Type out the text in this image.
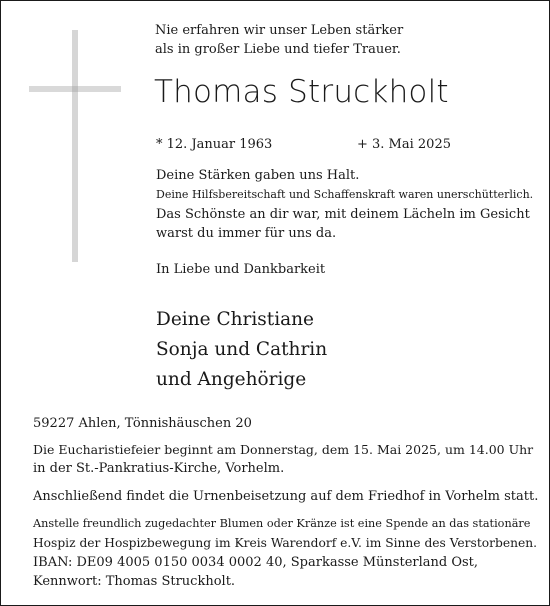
Nie erfahren wir unser Leben stärker
als in großer Liebe und tiefer Trauer.
Thomas Struckholt
* 12. Januar 1963	+ 3. Mai 2025
Deine Stärken gaben uns Halt.
Deine Hilfsbereitschaft und Schaffenskraft waren unerschütterlich.
Das Schönste an dir war, mit deinem Lächeln im Gesicht
warst du immer für uns da.
In Liebe und Dankbarkeit
Deine Christiane
Sonja und Cathrin
und Angehörige
59227 Ahlen, Tönnishäuschen 20
Die Eucharistiefeier beginnt am Donnerstag, dem 15. Mai 2025, um 14.00 Uhr
in der St.-Pankratius-Kirche, Vorhelm.
Anschließend findet die Urnenbeisetzung auf dem Friedhof in Vorhelm statt.
Anstelle freundlich zugedachter Blumen oder Kränze ist eine Spende an das stationäre
Hospiz der Hospizbewegung im Kreis Warendorf e.V. im Sinne des Verstorbenen.
IBAN: DE09 4005 0150 0034 0002 40, Sparkasse Münsterland Ost,
Kennwort: Thomas Struckholt.
